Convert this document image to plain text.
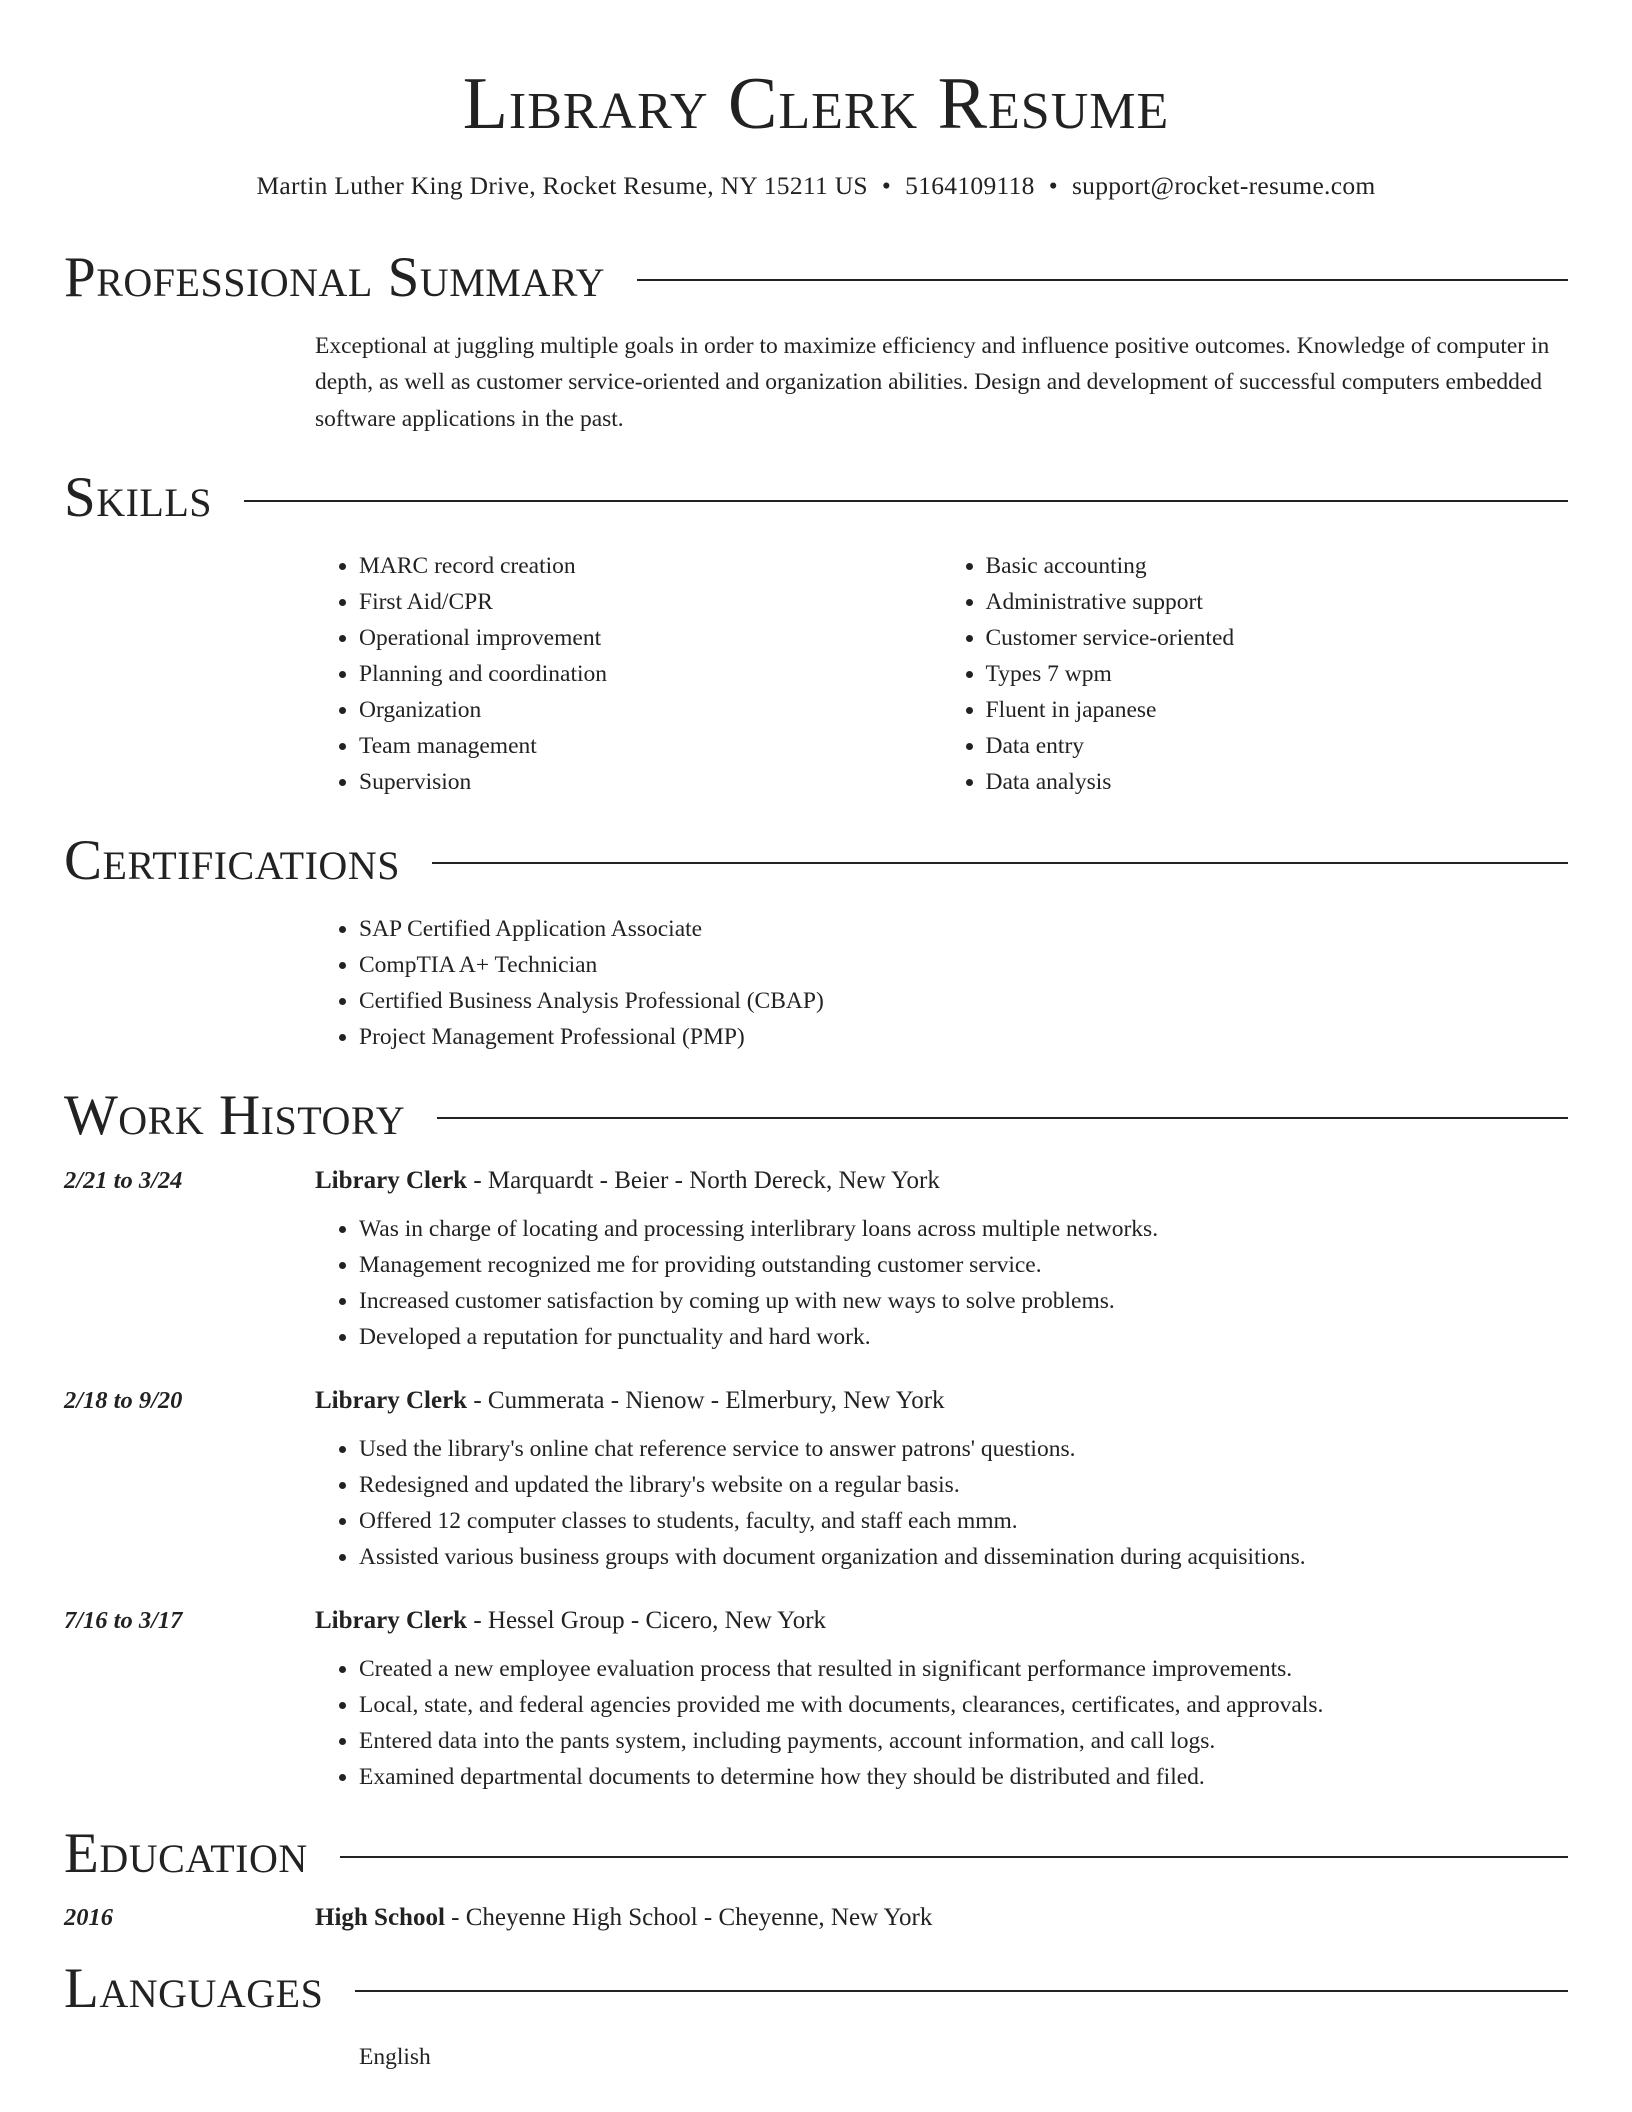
Library Clerk Resume
Martin Luther King Drive, Rocket Resume, NY 15211 US • 5164109118 • support@rocket-resume.com
Professional Summary

Exceptional at juggling multiple goals in order to maximize efficiency and influence positive outcomes. Knowledge of computer in depth, as well as customer service-oriented and organization abilities. Design and development of successful computers embedded software applications in the past.

Skills
• MARC record creation
• First Aid/CPR
• Operational improvement
• Planning and coordination
• Organization
• Team management
• Supervision
• Basic accounting
• Administrative support
• Customer service-oriented
• Types 7 wpm
• Fluent in japanese
• Data entry
• Data analysis
Certifications
• SAP Certified Application Associate
• CompTIA A+ Technician
• Certified Business Analysis Professional (CBAP)
• Project Management Professional (PMP)
Work History
2/21 to 3/24	Library Clerk - Marquardt - Beier - North Dereck, New York
• Was in charge of locating and processing interlibrary loans across multiple networks.
• Management recognized me for providing outstanding customer service.
• Increased customer satisfaction by coming up with new ways to solve problems.
• Developed a reputation for punctuality and hard work.
2/18 to 9/20	Library Clerk - Cummerata - Nienow - Elmerbury, New York
• Used the library's online chat reference service to answer patrons' questions.
• Redesigned and updated the library's website on a regular basis.
• Offered 12 computer classes to students, faculty, and staff each mmm.
• Assisted various business groups with document organization and dissemination during acquisitions.
7/16 to 3/17	Library Clerk - Hessel Group - Cicero, New York
• Created a new employee evaluation process that resulted in significant performance improvements.
• Local, state, and federal agencies provided me with documents, clearances, certificates, and approvals.
• Entered data into the pants system, including payments, account information, and call logs.
• Examined departmental documents to determine how they should be distributed and filed.
Education
2016	High School - Cheyenne High School - Cheyenne, New York
Languages
English
